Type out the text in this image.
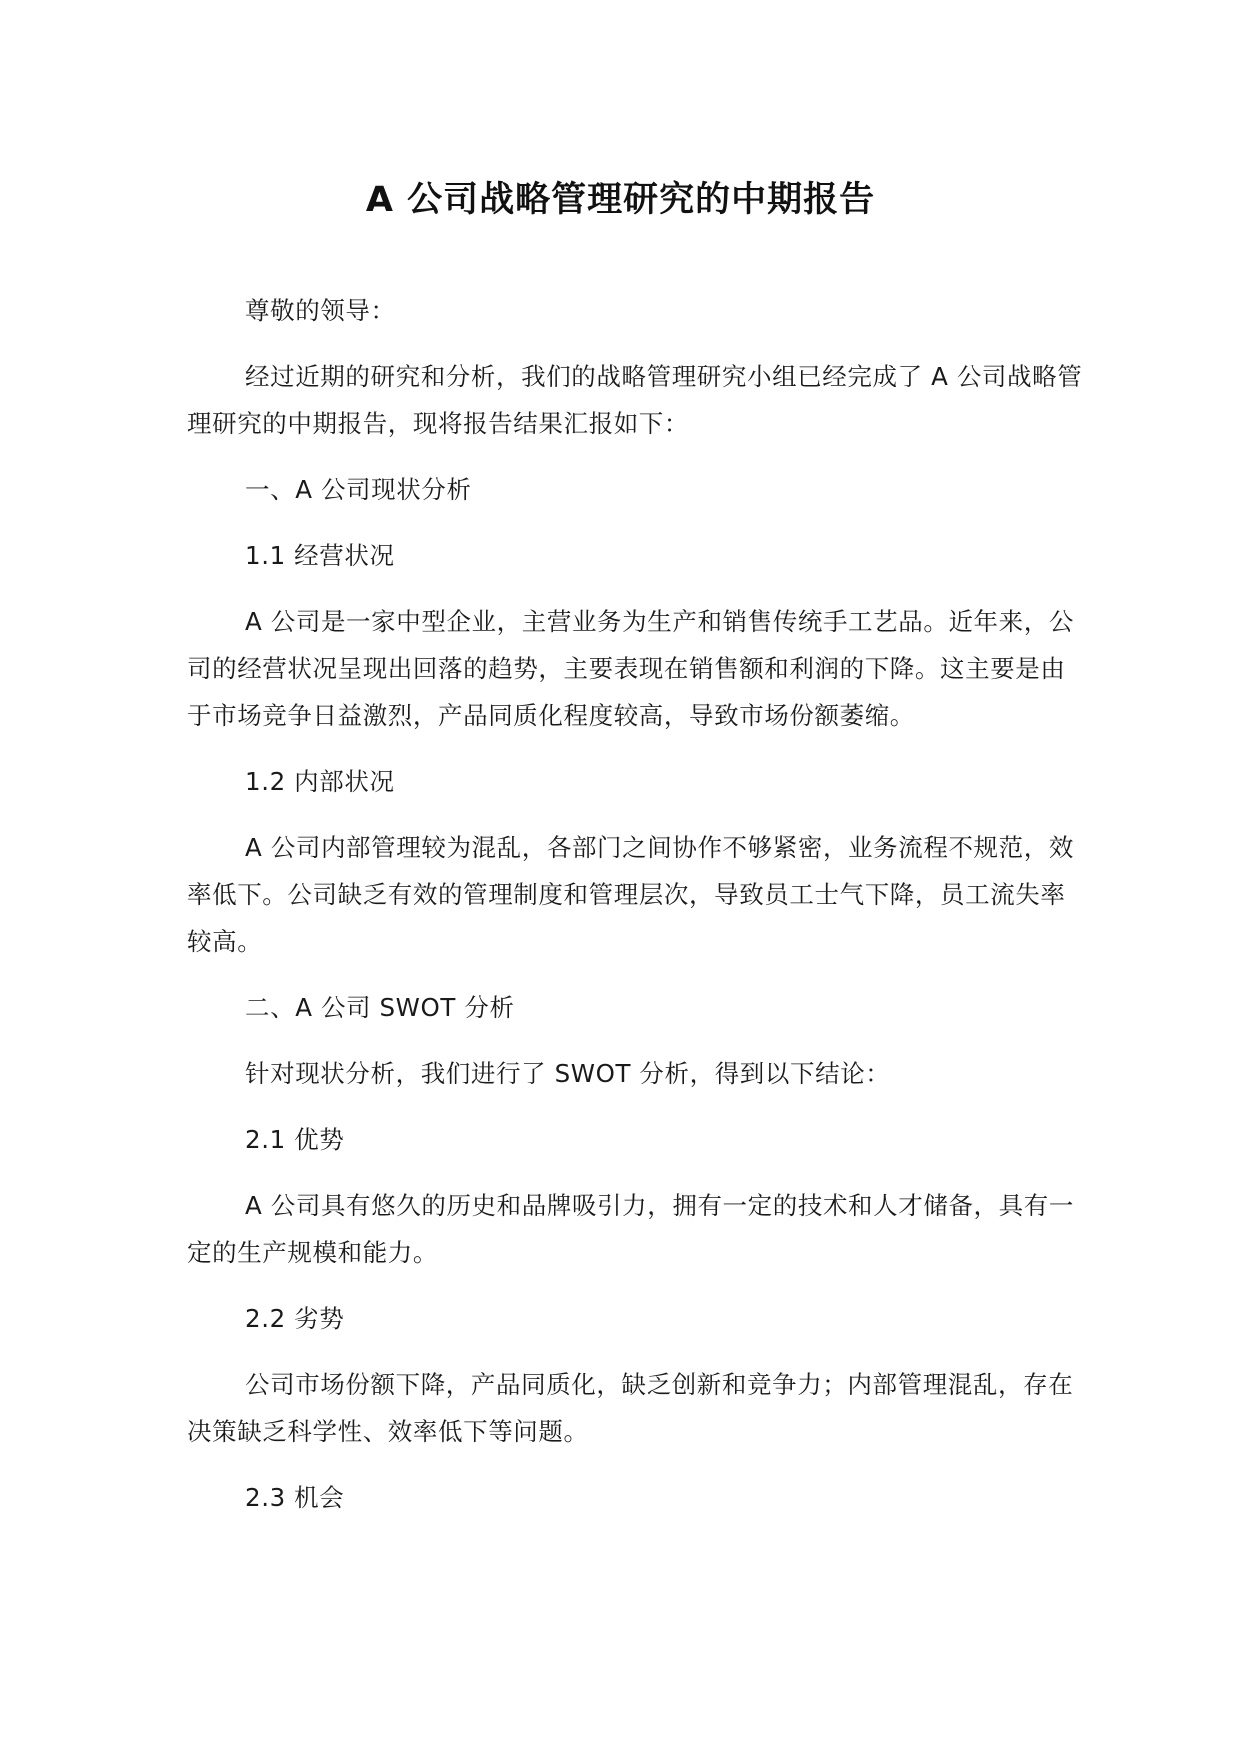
A 公司战略管理研究的中期报告

尊敬的领导：

经过近期的研究和分析，我们的战略管理研究小组已经完成了 A 公司战略管理研究的中期报告，现将报告结果汇报如下：

一、A 公司现状分析

1.1 经营状况

A 公司是一家中型企业，主营业务为生产和销售传统手工艺品。近年来，公司的经营状况呈现出回落的趋势，主要表现在销售额和利润的下降。这主要是由于市场竞争日益激烈，产品同质化程度较高，导致市场份额萎缩。

1.2 内部状况

A 公司内部管理较为混乱，各部门之间协作不够紧密，业务流程不规范，效率低下。公司缺乏有效的管理制度和管理层次，导致员工士气下降，员工流失率较高。

二、A 公司 SWOT 分析

针对现状分析，我们进行了 SWOT 分析，得到以下结论：

2.1 优势

A 公司具有悠久的历史和品牌吸引力，拥有一定的技术和人才储备，具有一定的生产规模和能力。

2.2 劣势

公司市场份额下降，产品同质化，缺乏创新和竞争力；内部管理混乱，存在决策缺乏科学性、效率低下等问题。

2.3 机会
